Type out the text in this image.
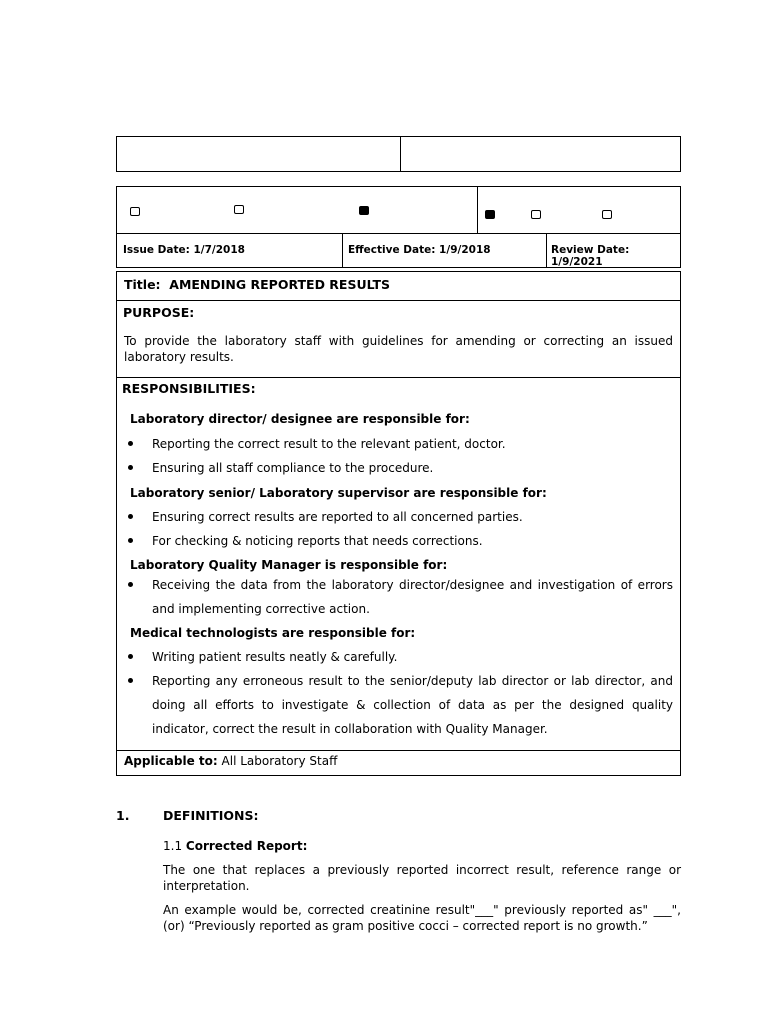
Issue Date: 1/7/2018	Effective Date: 1/9/2018	Review Date: 1/9/2021
Title: AMENDING REPORTED RESULTS
PURPOSE:
To provide the laboratory staff with guidelines for amending or correcting an issued laboratory results.
RESPONSIBILITIES:
Laboratory director/ designee are responsible for:
Reporting the correct result to the relevant patient, doctor.
Ensuring all staff compliance to the procedure.
Laboratory senior/ Laboratory supervisor are responsible for:
Ensuring correct results are reported to all concerned parties.
For checking & noticing reports that needs corrections.
Laboratory Quality Manager is responsible for:
Receiving the data from the laboratory director/designee and investigation of errors and implementing corrective action.
Medical technologists are responsible for:
Writing patient results neatly & carefully.
Reporting any erroneous result to the senior/deputy lab director or lab director, and doing all efforts to investigate & collection of data as per the designed quality indicator, correct the result in collaboration with Quality Manager.
Applicable to: All Laboratory Staff
1.	DEFINITIONS:
1.1 Corrected Report:
The one that replaces a previously reported incorrect result, reference range or interpretation.
An example would be, corrected creatinine result"___" previously reported as" ___", (or) “Previously reported as gram positive cocci – corrected report is no growth.”
